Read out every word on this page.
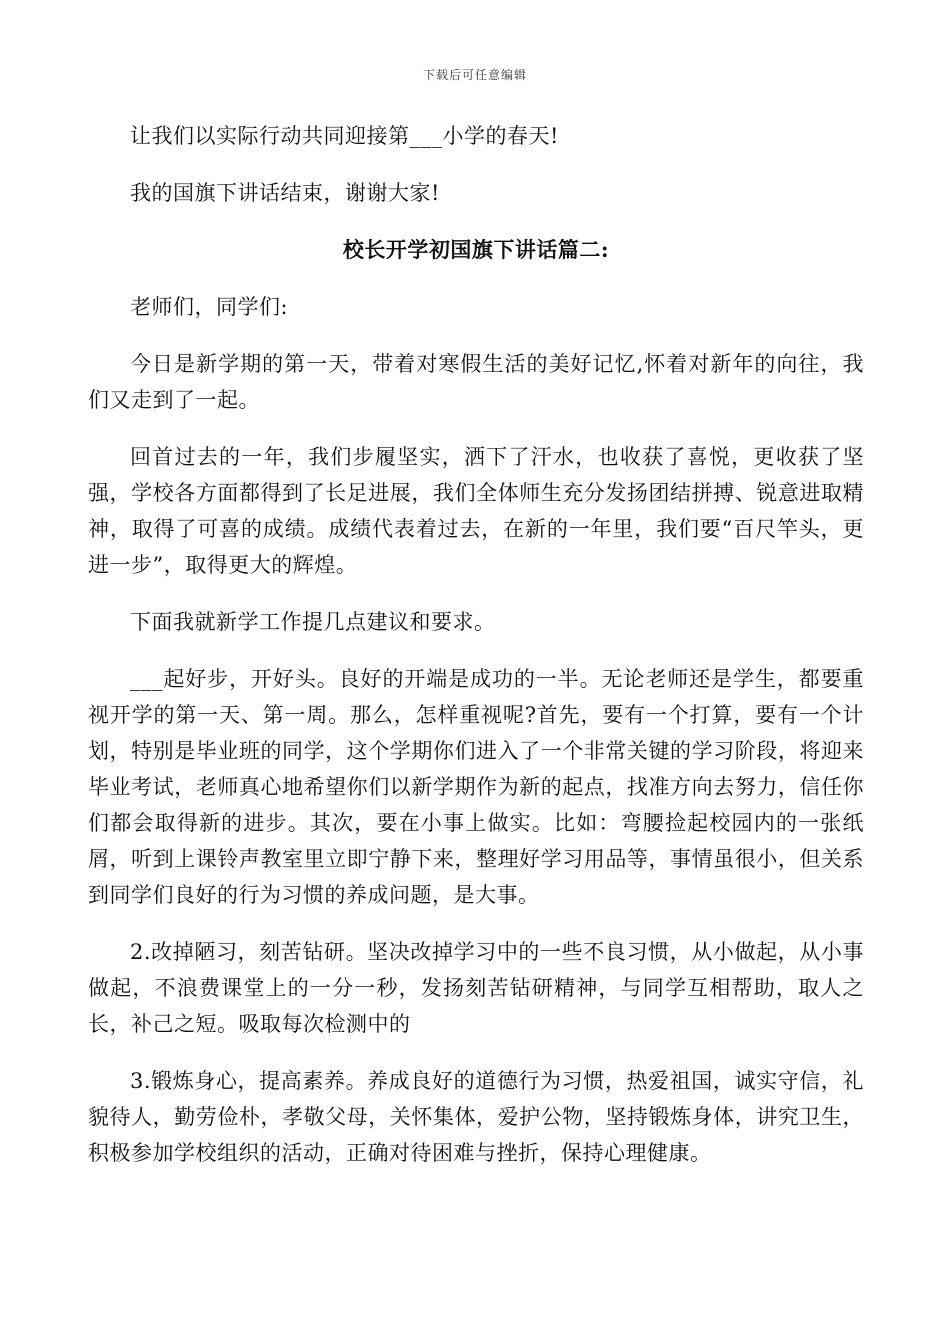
下载后可任意编辑

让我们以实际行动共同迎接第___小学的春天!

我的国旗下讲话结束，谢谢大家!

校长开学初国旗下讲话篇二:

老师们，同学们:

今日是新学期的第一天，带着对寒假生活的美好记忆,怀着对新年的向往，我们又走到了一起。

回首过去的一年，我们步履坚实，洒下了汗水，也收获了喜悦，更收获了坚强，学校各方面都得到了长足进展，我们全体师生充分发扬团结拼搏、锐意进取精神，取得了可喜的成绩。成绩代表着过去，在新的一年里，我们要“百尺竿头，更进一步”，取得更大的辉煌。

下面我就新学工作提几点建议和要求。

___起好步，开好头。良好的开端是成功的一半。无论老师还是学生，都要重视开学的第一天、第一周。那么，怎样重视呢?首先，要有一个打算，要有一个计划，特别是毕业班的同学，这个学期你们进入了一个非常关键的学习阶段，将迎来毕业考试，老师真心地希望你们以新学期作为新的起点，找准方向去努力，信任你们都会取得新的进步。其次，要在小事上做实。比如：弯腰捡起校园内的一张纸屑，听到上课铃声教室里立即宁静下来，整理好学习用品等，事情虽很小，但关系到同学们良好的行为习惯的养成问题，是大事。

2.改掉陋习，刻苦钻研。坚决改掉学习中的一些不良习惯，从小做起，从小事做起，不浪费课堂上的一分一秒，发扬刻苦钻研精神，与同学互相帮助，取人之长，补己之短。吸取每次检测中的

3.锻炼身心，提高素养。养成良好的道德行为习惯，热爱祖国，诚实守信，礼貌待人，勤劳俭朴，孝敬父母，关怀集体，爱护公物，坚持锻炼身体，讲究卫生，积极参加学校组织的活动，正确对待困难与挫折，保持心理健康。
